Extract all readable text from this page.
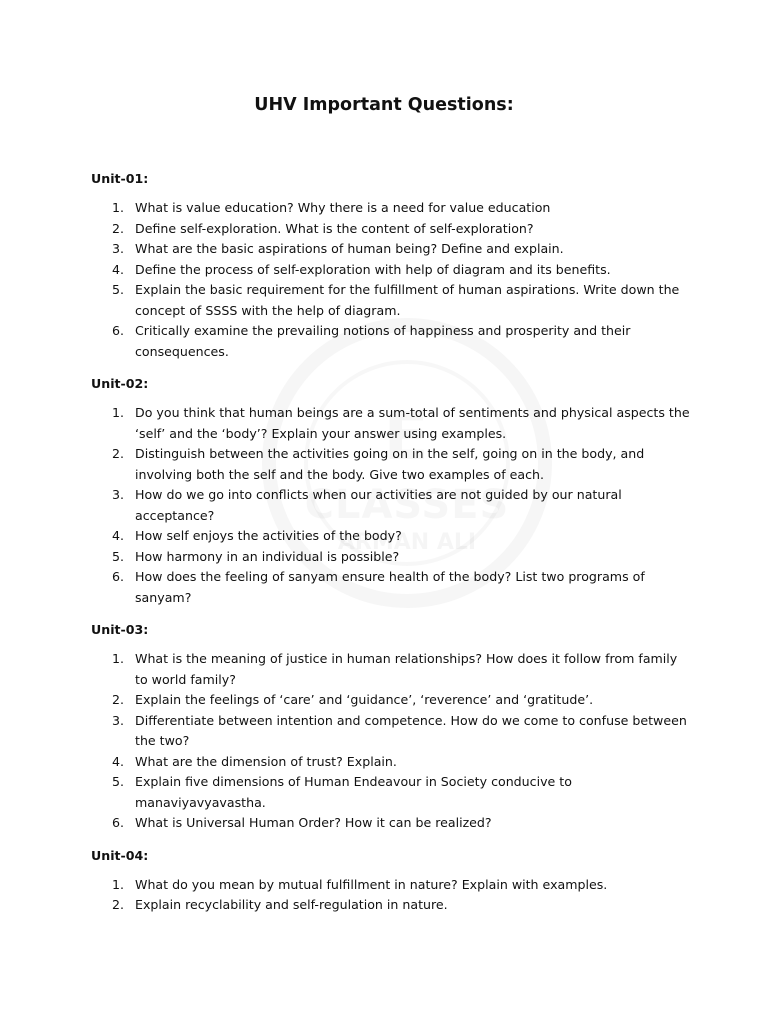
UHV Important Questions:
Unit-01:
1. What is value education? Why there is a need for value education
2. Define self-exploration. What is the content of self-exploration?
3. What are the basic aspirations of human being? Define and explain.
4. Define the process of self-exploration with help of diagram and its benefits.
5. Explain the basic requirement for the fulfillment of human aspirations. Write down the concept of SSSS with the help of diagram.
6. Critically examine the prevailing notions of happiness and prosperity and their consequences.
Unit-02:
1. Do you think that human beings are a sum-total of sentiments and physical aspects the ‘self’ and the ‘body’? Explain your answer using examples.
2. Distinguish between the activities going on in the self, going on in the body, and involving both the self and the body. Give two examples of each.
3. How do we go into conflicts when our activities are not guided by our natural acceptance?
4. How self enjoys the activities of the body?
5. How harmony in an individual is possible?
6. How does the feeling of sanyam ensure health of the body? List two programs of sanyam?
Unit-03:
1. What is the meaning of justice in human relationships? How does it follow from family to world family?
2. Explain the feelings of ‘care’ and ‘guidance’, ‘reverence’ and ‘gratitude’.
3. Differentiate between intention and competence. How do we come to confuse between the two?
4. What are the dimension of trust? Explain.
5. Explain five dimensions of Human Endeavour in Society conducive to manaviyavyavastha.
6. What is Universal Human Order? How it can be realized?
Unit-04:
1. What do you mean by mutual fulfillment in nature? Explain with examples.
2. Explain recyclability and self-regulation in nature.
